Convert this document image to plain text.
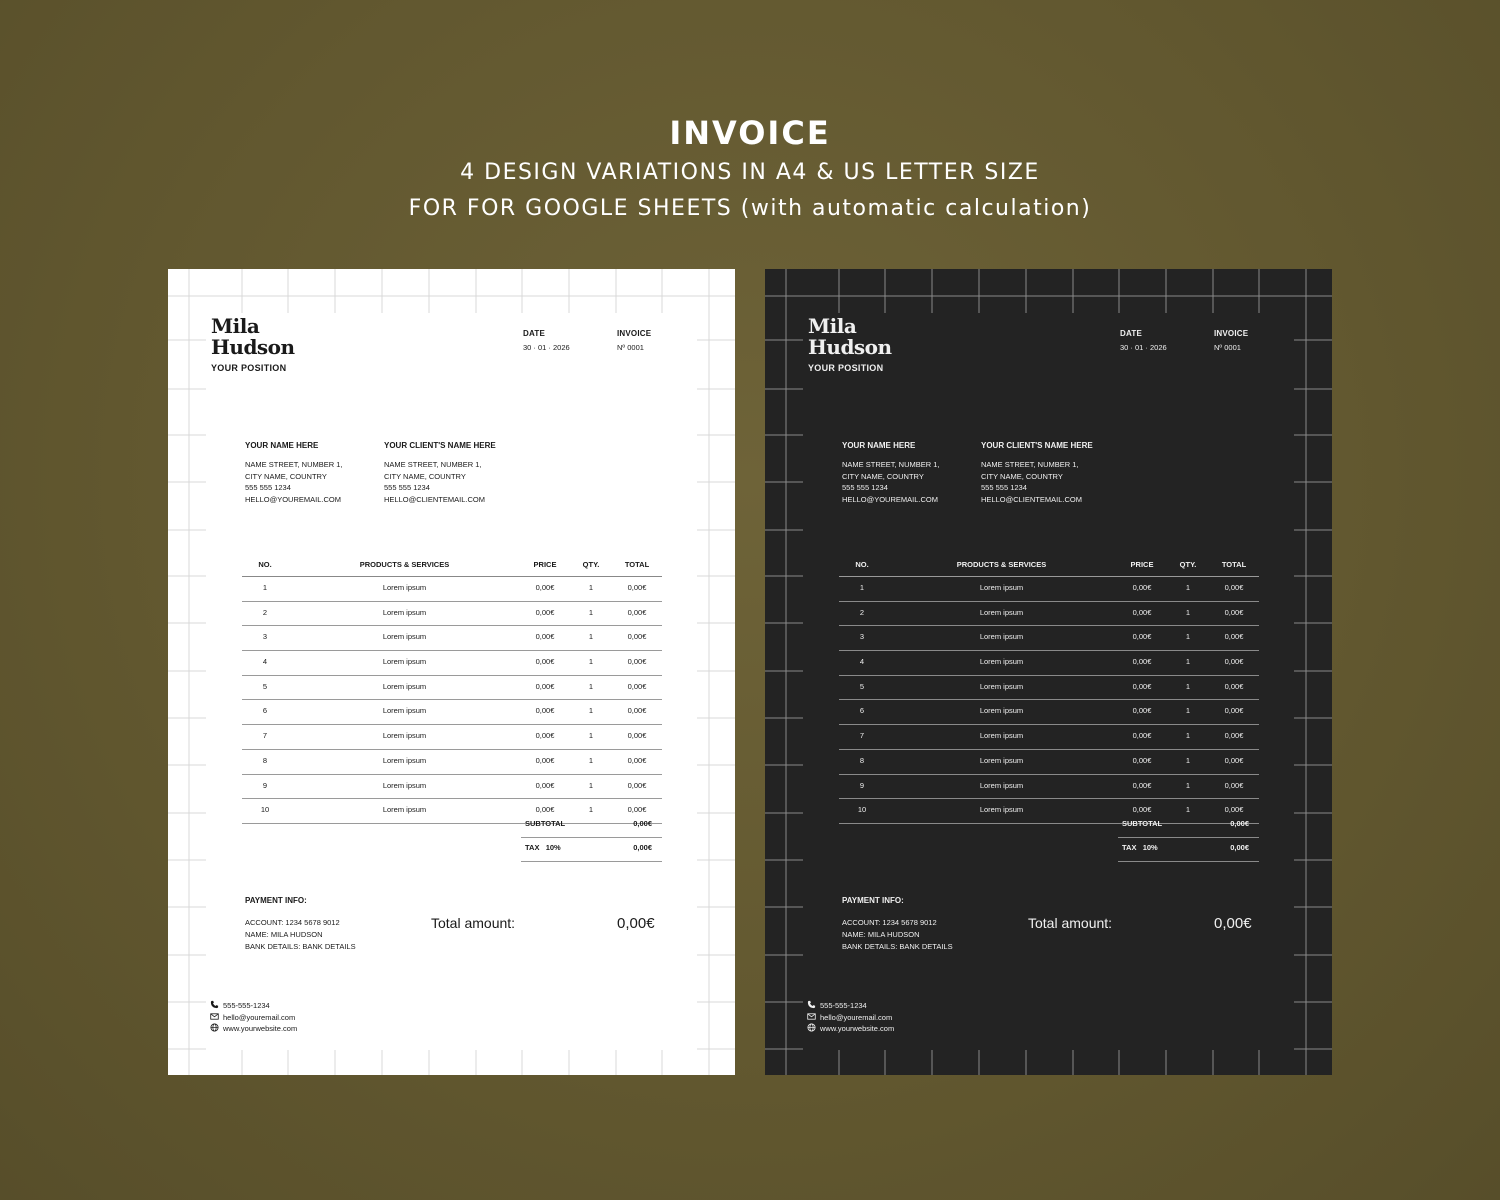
INVOICE

4 DESIGN VARIATIONS IN A4 & US LETTER SIZE

FOR FOR GOOGLE SHEETS (with automatic calculation)

Mila
Hudson
YOUR POSITION
DATE
30 · 01 · 2026
INVOICE
Nº 0001
YOUR NAME HERE
NAME STREET, NUMBER 1,
CITY NAME, COUNTRY
555 555 1234
HELLO@YOUREMAIL.COM
YOUR CLIENT'S NAME HERE
NAME STREET, NUMBER 1,
CITY NAME, COUNTRY
555 555 1234
HELLO@CLIENTEMAIL.COM
NO.	PRODUCTS & SERVICES	PRICE	QTY.	TOTAL
1	Lorem ipsum	0,00€	1	0,00€
2	Lorem ipsum	0,00€	1	0,00€
3	Lorem ipsum	0,00€	1	0,00€
4	Lorem ipsum	0,00€	1	0,00€
5	Lorem ipsum	0,00€	1	0,00€
6	Lorem ipsum	0,00€	1	0,00€
7	Lorem ipsum	0,00€	1	0,00€
8	Lorem ipsum	0,00€	1	0,00€
9	Lorem ipsum	0,00€	1	0,00€
10	Lorem ipsum	0,00€	1	0,00€
SUBTOTAL	0,00€
TAX   10%	0,00€
PAYMENT INFO:
ACCOUNT: 1234 5678 9012
NAME: MILA HUDSON
BANK DETAILS: BANK DETAILS
Total amount:	0,00€
555-555-1234
hello@youremail.com
www.yourwebsite.com
Mila
Hudson
YOUR POSITION
DATE
30 · 01 · 2026
INVOICE
Nº 0001
YOUR NAME HERE
NAME STREET, NUMBER 1,
CITY NAME, COUNTRY
555 555 1234
HELLO@YOUREMAIL.COM
YOUR CLIENT'S NAME HERE
NAME STREET, NUMBER 1,
CITY NAME, COUNTRY
555 555 1234
HELLO@CLIENTEMAIL.COM
NO.	PRODUCTS & SERVICES	PRICE	QTY.	TOTAL
1	Lorem ipsum	0,00€	1	0,00€
2	Lorem ipsum	0,00€	1	0,00€
3	Lorem ipsum	0,00€	1	0,00€
4	Lorem ipsum	0,00€	1	0,00€
5	Lorem ipsum	0,00€	1	0,00€
6	Lorem ipsum	0,00€	1	0,00€
7	Lorem ipsum	0,00€	1	0,00€
8	Lorem ipsum	0,00€	1	0,00€
9	Lorem ipsum	0,00€	1	0,00€
10	Lorem ipsum	0,00€	1	0,00€
SUBTOTAL	0,00€
TAX   10%	0,00€
PAYMENT INFO:
ACCOUNT: 1234 5678 9012
NAME: MILA HUDSON
BANK DETAILS: BANK DETAILS
Total amount:	0,00€
555-555-1234
hello@youremail.com
www.yourwebsite.com
